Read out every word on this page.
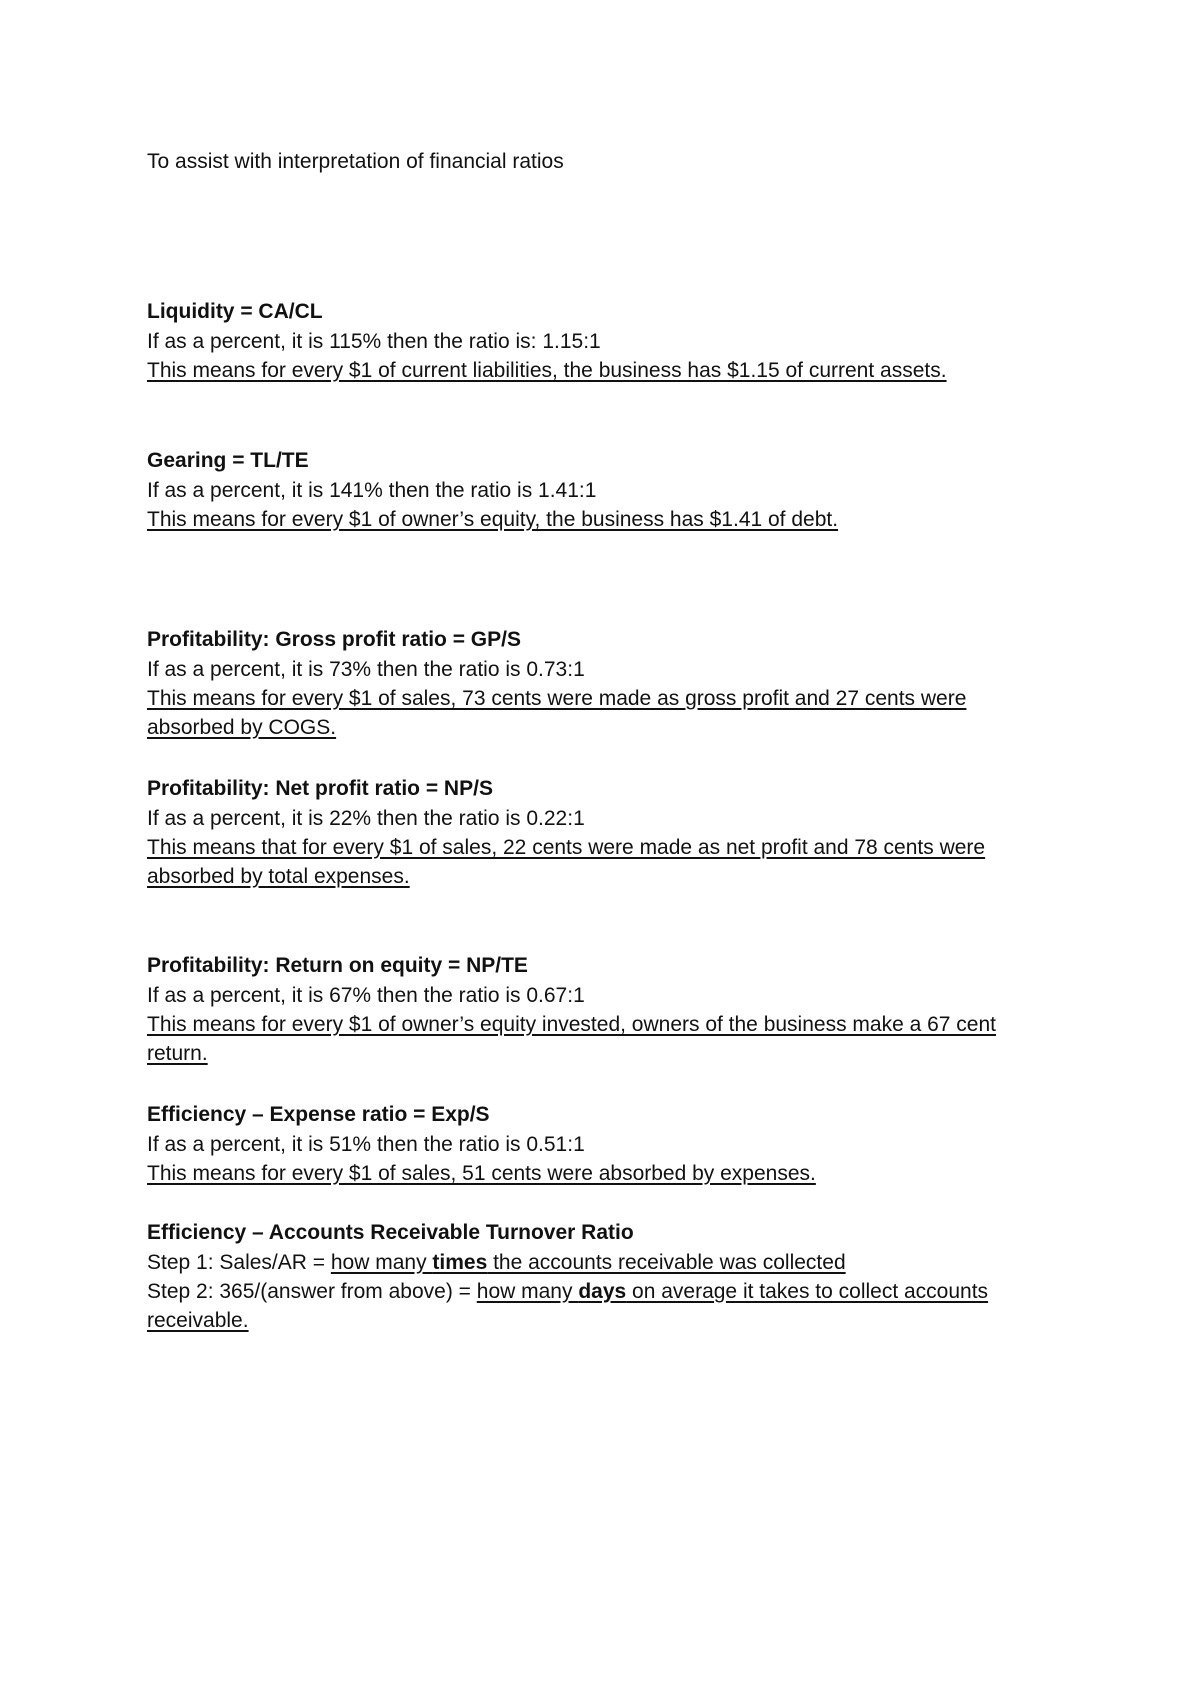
To assist with interpretation of financial ratios
Liquidity = CA/CL
If as a percent, it is 115% then the ratio is: 1.15:1
This means for every $1 of current liabilities, the business has $1.15 of current assets.
Gearing = TL/TE
If as a percent, it is 141% then the ratio is 1.41:1
This means for every $1 of owner’s equity, the business has $1.41 of debt.
Profitability: Gross profit ratio = GP/S
If as a percent, it is 73% then the ratio is 0.73:1
This means for every $1 of sales, 73 cents were made as gross profit and 27 cents were
absorbed by COGS.
Profitability: Net profit ratio = NP/S
If as a percent, it is 22% then the ratio is 0.22:1
This means that for every $1 of sales, 22 cents were made as net profit and 78 cents were
absorbed by total expenses.
Profitability: Return on equity = NP/TE
If as a percent, it is 67% then the ratio is 0.67:1
This means for every $1 of owner’s equity invested, owners of the business make a 67 cent
return.
Efficiency – Expense ratio = Exp/S
If as a percent, it is 51% then the ratio is 0.51:1
This means for every $1 of sales, 51 cents were absorbed by expenses.
Efficiency – Accounts Receivable Turnover Ratio
Step 1: Sales/AR = how many times the accounts receivable was collected
Step 2: 365/(answer from above) = how many days on average it takes to collect accounts
receivable.
